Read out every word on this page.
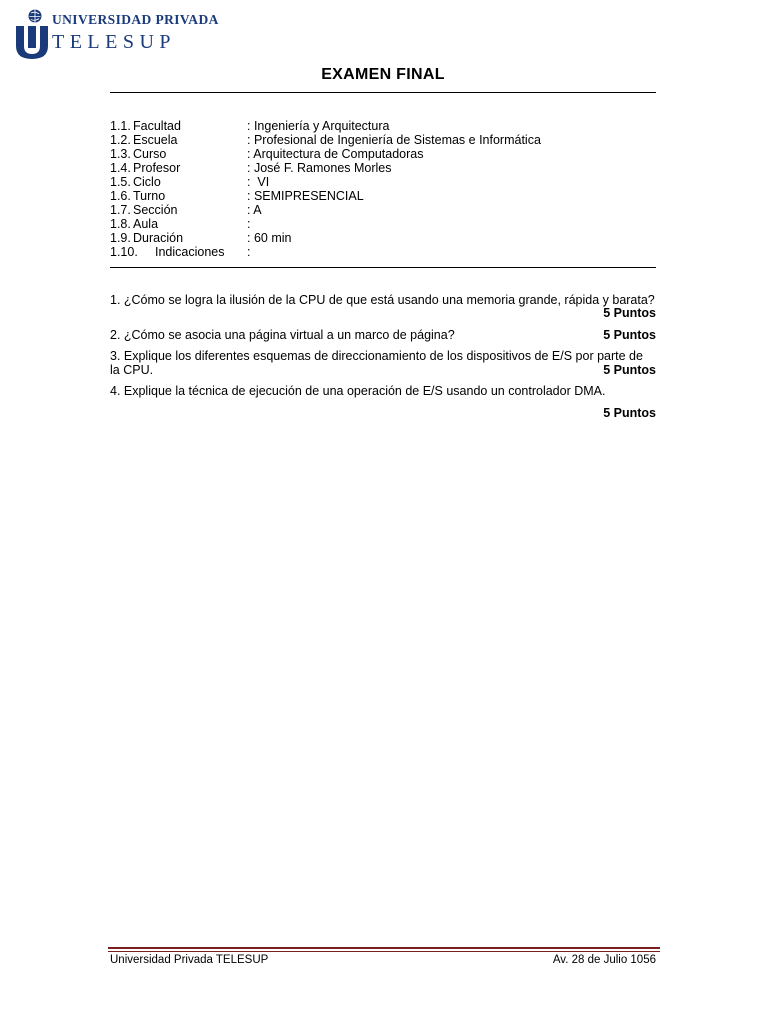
UNIVERSIDAD PRIVADA
TELESUP
EXAMEN FINAL
1.1. Facultad	: Ingeniería y Arquitectura
1.2. Escuela	: Profesional de Ingeniería de Sistemas e Informática
1.3. Curso	: Arquitectura de Computadoras
1.4. Profesor	: José F. Ramones Morles
1.5. Ciclo	:  VI
1.6. Turno	: SEMIPRESENCIAL
1.7. Sección	: A
1.8. Aula	:
1.9. Duración	: 60 min
1.10. Indicaciones :
1. ¿Cómo se logra la ilusión de la CPU de que está usando una memoria grande, rápida y barata?
5 Puntos
2. ¿Cómo se asocia una página virtual a un marco de página?	5 Puntos
3. Explique los diferentes esquemas de direccionamiento de los dispositivos de E/S por parte de
la CPU.	5 Puntos
4. Explique la técnica de ejecución de una operación de E/S usando un controlador DMA.
5 Puntos
Universidad Privada TELESUP	Av. 28 de Julio 1056
